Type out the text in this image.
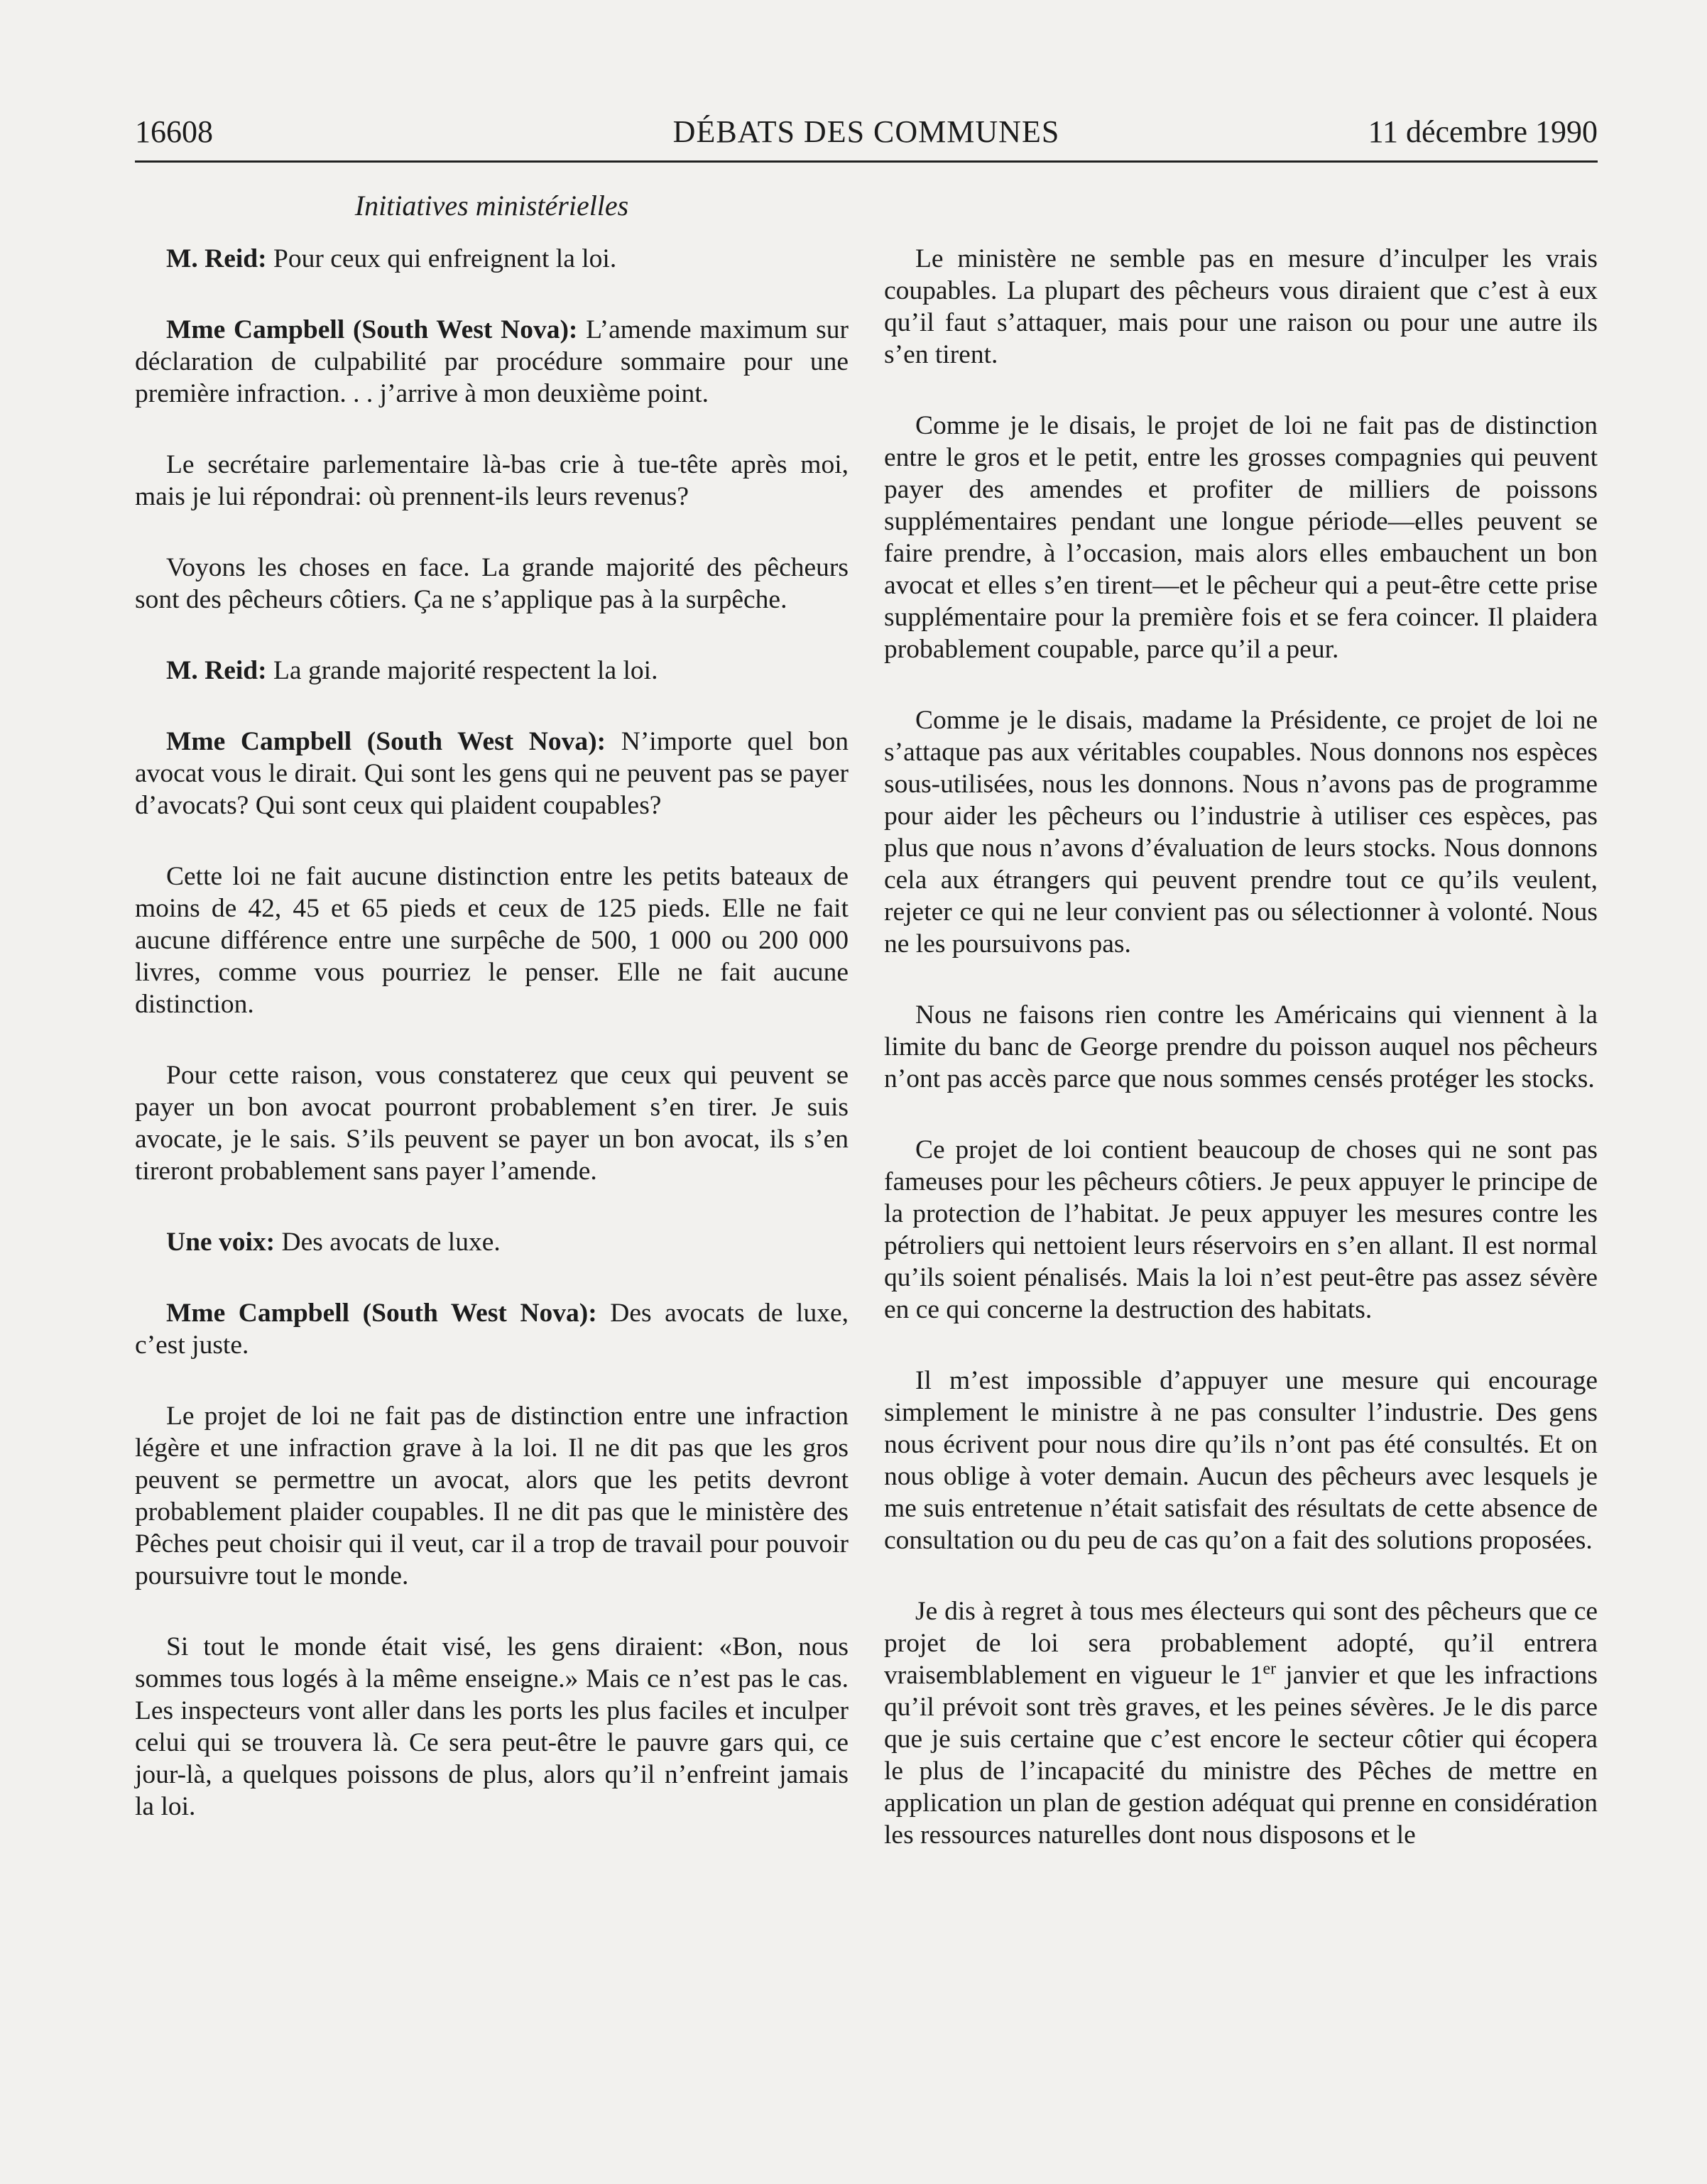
16608	DÉBATS DES COMMUNES	11 décembre 1990
Initiatives ministérielles

M. Reid: Pour ceux qui enfreignent la loi.

Mme Campbell (South West Nova): L’amende maximum sur déclaration de culpabilité par procédure sommaire pour une première infraction. . . j’arrive à mon deuxième point.

Le secrétaire parlementaire là-bas crie à tue-tête après moi, mais je lui répondrai: où prennent-ils leurs revenus?

Voyons les choses en face. La grande majorité des pêcheurs sont des pêcheurs côtiers. Ça ne s’applique pas à la surpêche.

M. Reid: La grande majorité respectent la loi.

Mme Campbell (South West Nova): N’importe quel bon avocat vous le dirait. Qui sont les gens qui ne peuvent pas se payer d’avocats? Qui sont ceux qui plaident coupables?

Cette loi ne fait aucune distinction entre les petits bateaux de moins de 42, 45 et 65 pieds et ceux de 125 pieds. Elle ne fait aucune différence entre une surpêche de 500, 1 000 ou 200 000 livres, comme vous pourriez le penser. Elle ne fait aucune distinction.

Pour cette raison, vous constaterez que ceux qui peuvent se payer un bon avocat pourront probablement s’en tirer. Je suis avocate, je le sais. S’ils peuvent se payer un bon avocat, ils s’en tireront probablement sans payer l’amende.

Une voix: Des avocats de luxe.

Mme Campbell (South West Nova): Des avocats de luxe, c’est juste.

Le projet de loi ne fait pas de distinction entre une infraction légère et une infraction grave à la loi. Il ne dit pas que les gros peuvent se permettre un avocat, alors que les petits devront probablement plaider coupables. Il ne dit pas que le ministère des Pêches peut choisir qui il veut, car il a trop de travail pour pouvoir poursuivre tout le monde.

Si tout le monde était visé, les gens diraient: «Bon, nous sommes tous logés à la même enseigne.» Mais ce n’est pas le cas. Les inspecteurs vont aller dans les ports les plus faciles et inculper celui qui se trouvera là. Ce sera peut-être le pauvre gars qui, ce jour-là, a quelques poissons de plus, alors qu’il n’enfreint jamais la loi.

Le ministère ne semble pas en mesure d’inculper les vrais coupables. La plupart des pêcheurs vous diraient que c’est à eux qu’il faut s’attaquer, mais pour une raison ou pour une autre ils s’en tirent.

Comme je le disais, le projet de loi ne fait pas de distinction entre le gros et le petit, entre les grosses compagnies qui peuvent payer des amendes et profiter de milliers de poissons supplémentaires pendant une longue période—elles peuvent se faire prendre, à l’occasion, mais alors elles embauchent un bon avocat et elles s’en tirent—et le pêcheur qui a peut-être cette prise supplémentaire pour la première fois et se fera coincer. Il plaidera probablement coupable, parce qu’il a peur.

Comme je le disais, madame la Présidente, ce projet de loi ne s’attaque pas aux véritables coupables. Nous donnons nos espèces sous-utilisées, nous les donnons. Nous n’avons pas de programme pour aider les pêcheurs ou l’industrie à utiliser ces espèces, pas plus que nous n’avons d’évaluation de leurs stocks. Nous donnons cela aux étrangers qui peuvent prendre tout ce qu’ils veulent, rejeter ce qui ne leur convient pas ou sélectionner à volonté. Nous ne les poursuivons pas.

Nous ne faisons rien contre les Américains qui viennent à la limite du banc de George prendre du poisson auquel nos pêcheurs n’ont pas accès parce que nous sommes censés protéger les stocks.

Ce projet de loi contient beaucoup de choses qui ne sont pas fameuses pour les pêcheurs côtiers. Je peux appuyer le principe de la protection de l’habitat. Je peux appuyer les mesures contre les pétroliers qui nettoient leurs réservoirs en s’en allant. Il est normal qu’ils soient pénalisés. Mais la loi n’est peut-être pas assez sévère en ce qui concerne la destruction des habitats.

Il m’est impossible d’appuyer une mesure qui encourage simplement le ministre à ne pas consulter l’industrie. Des gens nous écrivent pour nous dire qu’ils n’ont pas été consultés. Et on nous oblige à voter demain. Aucun des pêcheurs avec lesquels je me suis entretenue n’était satisfait des résultats de cette absence de consultation ou du peu de cas qu’on a fait des solutions proposées.

Je dis à regret à tous mes électeurs qui sont des pêcheurs que ce projet de loi sera probablement adopté, qu’il entrera vraisemblablement en vigueur le 1er janvier et que les infractions qu’il prévoit sont très graves, et les peines sévères. Je le dis parce que je suis certaine que c’est encore le secteur côtier qui écopera le plus de l’incapacité du ministre des Pêches de mettre en application un plan de gestion adéquat qui prenne en considération les ressources naturelles dont nous disposons et le
